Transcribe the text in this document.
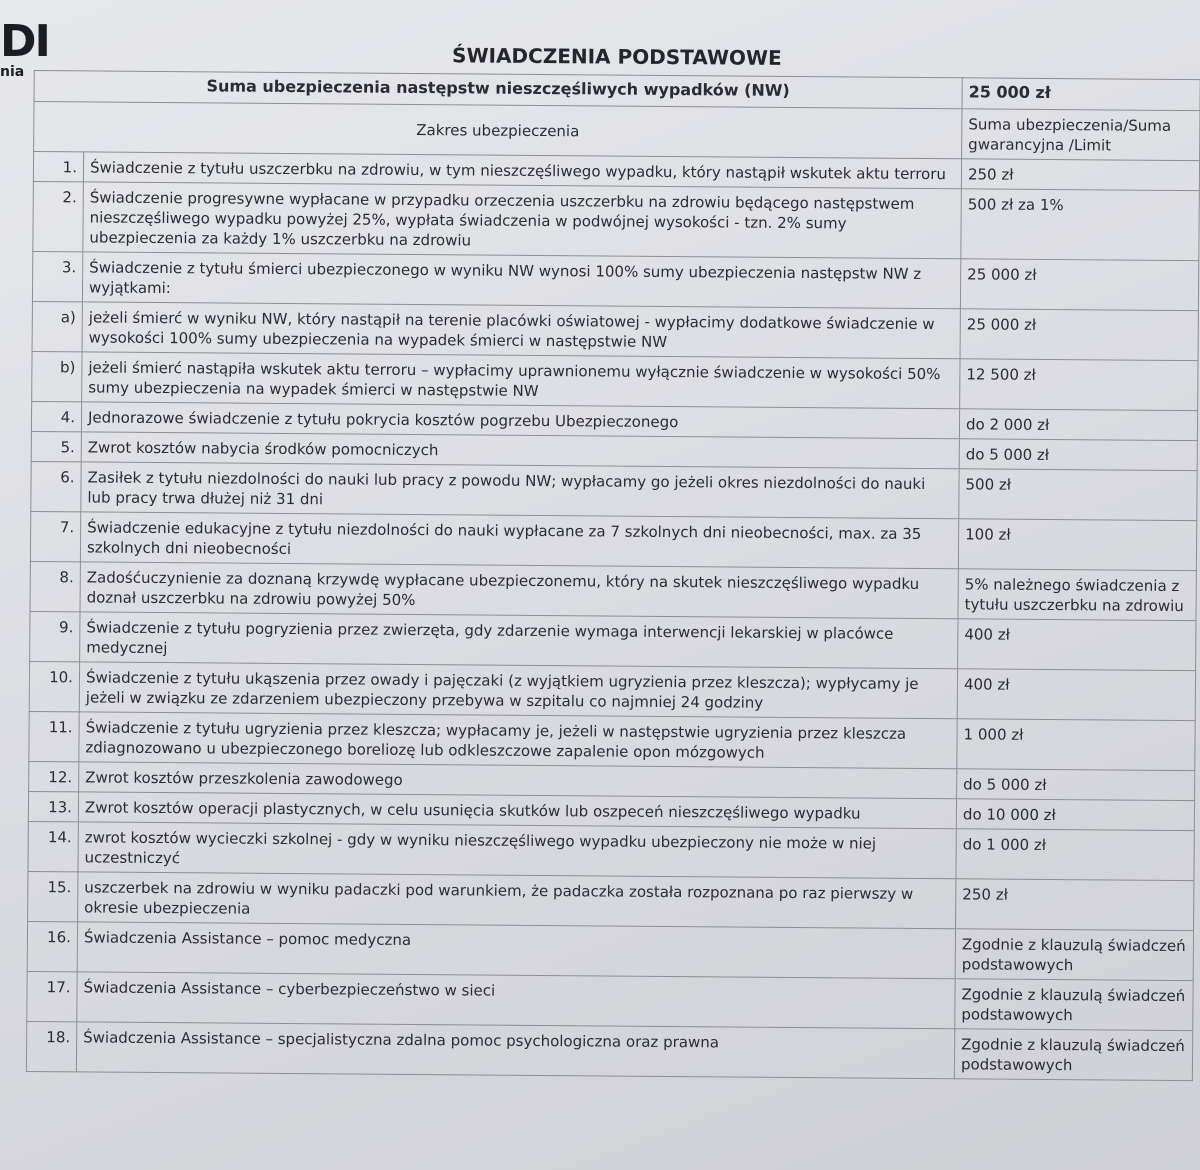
DI
nia
ŚWIADCZENIA PODSTAWOWE
Suma ubezpieczenia następstw nieszczęśliwych wypadków (NW)		25 000 zł
Zakres ubezpieczenia		Suma ubezpieczenia/Suma gwarancyjna /Limit
1.	Świadczenie z tytułu uszczerbku na zdrowiu, w tym nieszczęśliwego wypadku, który nastąpił wskutek aktu terroru	250 zł
2.	Świadczenie progresywne wypłacane w przypadku orzeczenia uszczerbku na zdrowiu będącego następstwem nieszczęśliwego wypadku powyżej 25%, wypłata świadczenia w podwójnej wysokości - tzn. 2% sumy ubezpieczenia za każdy 1% uszczerbku na zdrowiu	500 zł za 1%
3.	Świadczenie z tytułu śmierci ubezpieczonego w wyniku NW wynosi 100% sumy ubezpieczenia następstw NW z wyjątkami:	25 000 zł
a)	jeżeli śmierć w wyniku NW, który nastąpił na terenie placówki oświatowej - wypłacimy dodatkowe świadczenie w wysokości 100% sumy ubezpieczenia na wypadek śmierci w następstwie NW	25 000 zł
b)	jeżeli śmierć nastąpiła wskutek aktu terroru – wypłacimy uprawnionemu wyłącznie świadczenie w wysokości 50% sumy ubezpieczenia na wypadek śmierci w następstwie NW	12 500 zł
4.	Jednorazowe świadczenie z tytułu pokrycia kosztów pogrzebu Ubezpieczonego	do 2 000 zł
5.	Zwrot kosztów nabycia środków pomocniczych	do 5 000 zł
6.	Zasiłek z tytułu niezdolności do nauki lub pracy z powodu NW; wypłacamy go jeżeli okres niezdolności do nauki lub pracy trwa dłużej niż 31 dni	500 zł
7.	Świadczenie edukacyjne z tytułu niezdolności do nauki wypłacane za 7 szkolnych dni nieobecności, max. za 35 szkolnych dni nieobecności	100 zł
8.	Zadośćuczynienie za doznaną krzywdę wypłacane ubezpieczonemu, który na skutek nieszczęśliwego wypadku doznał uszczerbku na zdrowiu powyżej 50%	5% należnego świadczenia z tytułu uszczerbku na zdrowiu
9.	Świadczenie z tytułu pogryzienia przez zwierzęta, gdy zdarzenie wymaga interwencji lekarskiej w placówce medycznej	400 zł
10.	Świadczenie z tytułu ukąszenia przez owady i pajęczaki (z wyjątkiem ugryzienia przez kleszcza); wypłycamy je jeżeli w związku ze zdarzeniem ubezpieczony przebywa w szpitalu co najmniej 24 godziny	400 zł
11.	Świadczenie z tytułu ugryzienia przez kleszcza; wypłacamy je, jeżeli w następstwie ugryzienia przez kleszcza zdiagnozowano u ubezpieczonego boreliozę lub odkleszczowe zapalenie opon mózgowych	1 000 zł
12.	Zwrot kosztów przeszkolenia zawodowego	do 5 000 zł
13.	Zwrot kosztów operacji plastycznych, w celu usunięcia skutków lub oszpeceń nieszczęśliwego wypadku	do 10 000 zł
14.	zwrot kosztów wycieczki szkolnej - gdy w wyniku nieszczęśliwego wypadku ubezpieczony nie może w niej uczestniczyć	do 1 000 zł
15.	uszczerbek na zdrowiu w wyniku padaczki pod warunkiem, że padaczka została rozpoznana po raz pierwszy w okresie ubezpieczenia	250 zł
16.	Świadczenia Assistance – pomoc medyczna	Zgodnie z klauzulą świadczeń podstawowych
17.	Świadczenia Assistance – cyberbezpieczeństwo w sieci	Zgodnie z klauzulą świadczeń podstawowych
18.	Świadczenia Assistance – specjalistyczna zdalna pomoc psychologiczna oraz prawna	Zgodnie z klauzulą świadczeń podstawowych
